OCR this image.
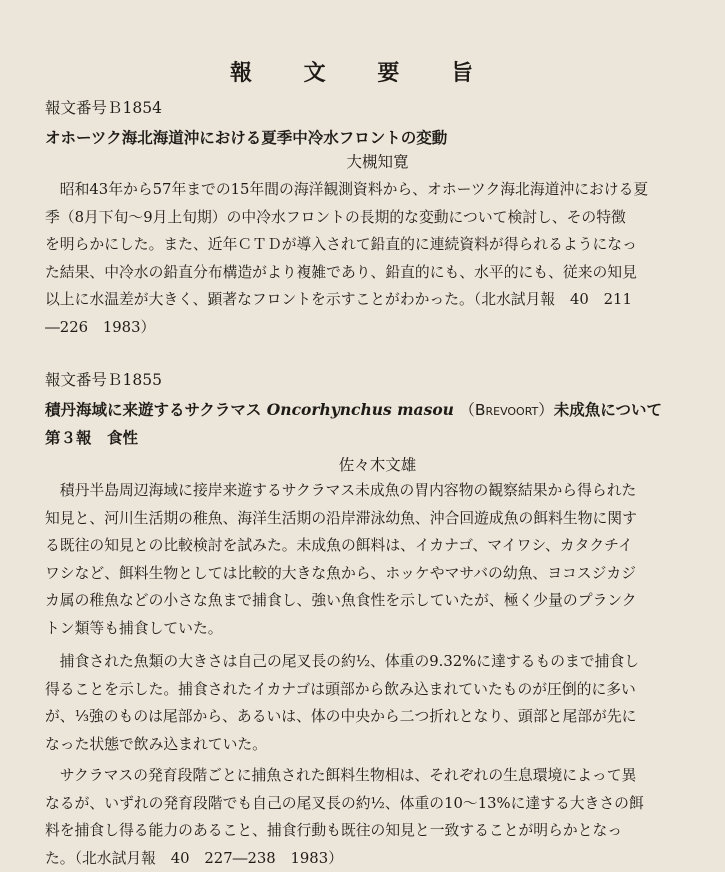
報 文 要 旨
報文番号Ｂ1854
オホーツク海北海道沖における夏季中冷水フロントの変動
大槻知寛

昭和43年から57年までの15年間の海洋観測資料から、オホーツク海北海道沖における夏
季（8月下旬～9月上旬期）の中冷水フロントの長期的な変動について検討し、その特徴
を明らかにした。また、近年ＣＴＤが導入されて鉛直的に連続資料が得られるようになっ
た結果、中冷水の鉛直分布構造がより複雑であり、鉛直的にも、水平的にも、従来の知見
以上に水温差が大きく、顕著なフロントを示すことがわかった。（北水試月報　40　211
―226　1983）

報文番号Ｂ1855
積丹海域に来遊するサクラマス Oncorhynchus masou （Brevoort）未成魚について
第３報　食性
佐々木文雄

積丹半島周辺海域に接岸来遊するサクラマス未成魚の胃内容物の観察結果から得られた
知見と、河川生活期の稚魚、海洋生活期の沿岸滞泳幼魚、沖合回遊成魚の餌料生物に関す
る既往の知見との比較検討を試みた。未成魚の餌料は、イカナゴ、マイワシ、カタクチイ
ワシなど、餌料生物としては比較的大きな魚から、ホッケやマサバの幼魚、ヨコスジカジ
カ属の稚魚などの小さな魚まで捕食し、強い魚食性を示していたが、極く少量のプランク
トン類等も捕食していた。

捕食された魚類の大きさは自己の尾叉長の約½、体重の9.32%に達するものまで捕食し
得ることを示した。捕食されたイカナゴは頭部から飲み込まれていたものが圧倒的に多い
が、⅓強のものは尾部から、あるいは、体の中央から二つ折れとなり、頭部と尾部が先に
なった状態で飲み込まれていた。

サクラマスの発育段階ごとに捕魚された餌料生物相は、それぞれの生息環境によって異
なるが、いずれの発育段階でも自己の尾叉長の約½、体重の10～13%に達する大きさの餌
料を捕食し得る能力のあること、捕食行動も既往の知見と一致することが明らかとなっ
た。（北水試月報　40　227―238　1983）
